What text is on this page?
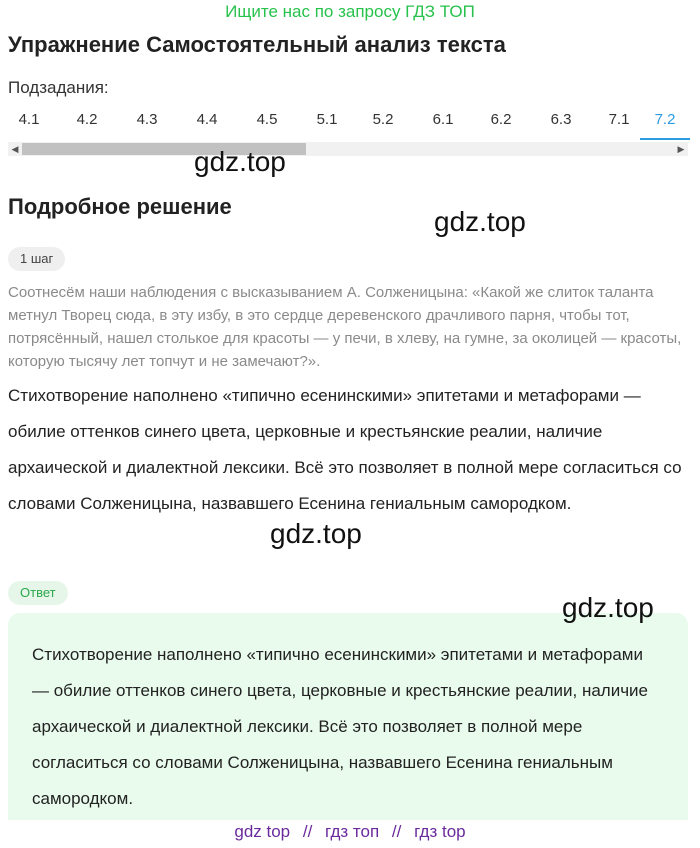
Ищите нас по запросу ГДЗ ТОП
Упражнение Самостоятельный анализ текста
Подзадания:
4.1	4.2	4.3	4.4	4.5	5.1	5.2	6.1	6.2	6.3	7.1	7.2
◀	▶
gdz.top
Подробное решение	gdz.top
1 шаг
Соотнесём наши наблюдения с высказыванием А. Солженицына: «Какой же слиток таланта метнул Творец сюда, в эту избу, в это сердце деревенского драчливого парня, чтобы тот, потрясённый, нашел столькое для красоты — у печи, в хлеву, на гумне, за околицей — красоты, которую тысячу лет топчут и не замечают?».
Стихотворение наполнено «типично есенинскими» эпитетами и метафорами — обилие оттенков синего цвета, церковные и крестьянские реалии, наличие архаической и диалектной лексики. Всё это позволяет в полной мере согласиться со словами Солженицына, назвавшего Есенина гениальным самородком.
gdz.top
Ответ
Стихотворение наполнено «типично есенинскими» эпитетами и метафорами — обилие оттенков синего цвета, церковные и крестьянские реалии, наличие архаической и диалектной лексики. Всё это позволяет в полной мере согласиться со словами Солженицына, назвавшего Есенина гениальным самородком.
gdz.top
gdz top // гдз топ // гдз top
